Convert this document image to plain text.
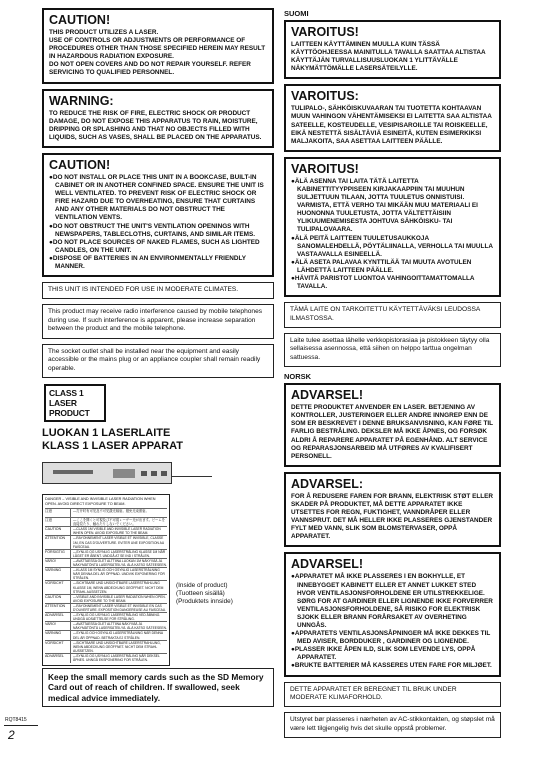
CAUTION!
THIS PRODUCT UTILIZES A LASER.
USE OF CONTROLS OR ADJUSTMENTS OR PERFORMANCE OF PROCEDURES OTHER THAN THOSE SPECIFIED HEREIN MAY RESULT IN HAZARDOUS RADIATION EXPOSURE.
DO NOT OPEN COVERS AND DO NOT REPAIR YOURSELF. REFER SERVICING TO QUALIFIED PERSONNEL.
WARNING:
TO REDUCE THE RISK OF FIRE, ELECTRIC SHOCK OR PRODUCT DAMAGE, DO NOT EXPOSE THIS APPARATUS TO RAIN, MOISTURE, DRIPPING OR SPLASHING AND THAT NO OBJECTS FILLED WITH LIQUIDS, SUCH AS VASES, SHALL BE PLACED ON THE APPARATUS.
CAUTION!
●DO NOT INSTALL OR PLACE THIS UNIT IN A BOOKCASE, BUILT-IN CABINET OR IN ANOTHER CONFINED SPACE. ENSURE THE UNIT IS WELL VENTILATED. TO PREVENT RISK OF ELECTRIC SHOCK OR FIRE HAZARD DUE TO OVERHEATING, ENSURE THAT CURTAINS AND ANY OTHER MATERIALS DO NOT OBSTRUCT THE VENTILATION VENTS.
●DO NOT OBSTRUCT THE UNIT'S VENTILATION OPENINGS WITH NEWSPAPERS, TABLECLOTHS, CURTAINS, AND SIMILAR ITEMS.
●DO NOT PLACE SOURCES OF NAKED FLAMES, SUCH AS LIGHTED CANDLES, ON THE UNIT.
●DISPOSE OF BATTERIES IN AN ENVIRONMENTALLY FRIENDLY MANNER.
THIS UNIT IS INTENDED FOR USE IN MODERATE CLIMATES.
This product may receive radio interference caused by mobile telephones during use. If such interference is apparent, please increase separation between the product and the mobile telephone.
The socket outlet shall be installed near the equipment and easily accessible or the mains plug or an appliance coupler shall remain readily operable.
CLASS 1
LASER PRODUCT
LUOKAN 1 LASERLAITE
KLASS 1 LASER APPARAT
DANGER – VISIBLE AND INVISIBLE LASER RADIATION WHEN OPEN. AVOID DIRECT EXPOSURE TO BEAM.
注意	—打开时有可见及不可见激光辐射。避免光束照射。
注意	—ここを開くと可視及び不可視レーザー光が出ます。ビームを直接見たり、触れたりしないでください。
CAUTION	—CLASS 1M VISIBLE AND INVISIBLE LASER RADIATION WHEN OPEN. AVOID EXPOSURE TO THE BEAM.
ATTENTION	—RAYONNEMENT LASER VISIBLE ET INVISIBLE, CLASSE 1M, EN CAS D'OUVERTURE. EVITER UNE EXPOSITION AU FAISCEAU.
FORSIGTIG	—SYNLIG OG USYNLIG LASERSTRÅLING KLASSE 1M NÅR LÅGET ER ÅBENT. UNDGÅ AT SE IND I STRÅLEN.
VARO!	—AVATTAESSA OLET ALTTIINA LUOKAN 1M NÄKYVÄÄ JA NÄKYMÄTÖNTÄ LASERSÄTEILYÄ. ÄLÄ KATSO SÄTEESEEN.
VARNING	—KLASS 1M SYNLIG OCH OSYNLIG LASERSTRÅLNING NÄR DENNA DEL ÄR ÖPPNAD. UNDVIK EXPONERING FÖR STRÅLEN.
VORSICHT	—SICHTBARE UND UNSICHTBARE LASERSTRAHLUNG KLASSE 1M, WENN ABDECKUNG GEÖFFNET. NICHT DEM STRAHL AUSSETZEN.
CAUTION	—VISIBLE AND INVISIBLE LASER RADIATION WHEN OPEN. AVOID EXPOSURE TO THE BEAM.
ATTENTION	—RAYONNEMENT LASER VISIBLE ET INVISIBLE EN CAS D'OUVERTURE. EXPOSITION DANGEREUSE AU FAISCEAU.
ADVARSEL	—SYNLIG OG USYNLIG LASERSTRÅLING VED ÅBNING. UNDGÅ UDSÆTTELSE FOR STRÅLING.
VARO!	—AVATTAESSA OLET ALTTIINA NÄKYVÄÄ JA NÄKYMÄTÖNTÄ LASERSÄTEILYÄ. ÄLÄ KATSO SÄTEESEEN.
VARNING	—SYNLIG OCH OSYNLIG LASERSTRÅLNING NÄR DENNA DEL ÄR ÖPPNAD. BETRAKTA EJ STRÅLEN.
VORSICHT	—SICHTBARE UND UNSICHTBARE LASERSTRAHLUNG, WENN ABDECKUNG GEÖFFNET. NICHT DEM STRAHL AUSSETZEN.
ADVARSEL	—SYNLIG OG USYNLIG LASERSTRÅLING NÅR DEKSEL ÅPNES. UNNGÅ EKSPONERING FOR STRÅLEN.
(Inside of product)
(Tuotteen sisällä)
(Produktets innside)
Keep the small memory cards such as the SD Memory Card out of reach of children. If swallowed, seek medical advice immediately.
RQT8415
2
SUOMI
VAROITUS!
LAITTEEN KÄYTTÄMINEN MUULLA KUIN TÄSSÄ KÄYTTÖOHJEESSA MAINITULLA TAVALLA SAATTAA ALTISTAA KÄYTTÄJÄN TURVALLISUUSLUOKAN 1 YLITTÄVÄLLE NÄKYMÄTTÖMÄLLE LASERSÄTEILYLLE.
VAROITUS:
TULIPALO-, SÄHKÖISKUVAARAN TAI TUOTETTA KOHTAAVAN MUUN VAHINGON VÄHENTÄMISEKSI EI LAITETTA SAA ALTISTAA SATEELLE, KOSTEUDELLE, VESIPISAROILLE TAI ROISKEELLE, EIKÄ NESTETTÄ SISÄLTÄVIÄ ESINEITÄ, KUTEN ESIMERKIKSI MALJAKOITA, SAA ASETTAA LAITTEEN PÄÄLLE.
VAROITUS!
●ÄLÄ ASENNA TAI LAITA TÄTÄ LAITETTA KABINETTITYYPPISEEN KIRJAKAAPPIIN TAI MUUHUN SULJETTUUN TILAAN, JOTTA TUULETUS ONNISTUISI. VARMISTA, ETTÄ VERHO TAI MIKÄÄN MUU MATERIAALI EI HUONONNA TUULETUSTA, JOTTA VÄLTETTÄISIIN YLIKUUMENEMISESTA JOHTUVA SÄHKÖISKU- TAI TULIPALOVAARA.
●ÄLÄ PEITÄ LAITTEEN TUULETUSAUKKOJA SANOMALEHDELLÄ, PÖYTÄLIINALLA, VERHOLLA TAI MUULLA VASTAAVALLA ESINEELLÄ.
●ÄLÄ ASETA PALAVAA KYNTTILÄÄ TAI MUUTA AVOTULEN LÄHDETTÄ LAITTEEN PÄÄLLE.
●HÄVITÄ PARISTOT LUONTOA VAHINGOITTAMATTOMALLA TAVALLA.
TÄMÄ LAITE ON TARKOITETTU KÄYTETTÄVÄKSI LEUDOSSA ILMASTOSSA.
Laite tulee asettaa lähelle verkkopistorasiaa ja pistokkeen täytyy olla sellaisessa asennossa, että siihen on helppo tarttua ongelman sattuessa.
NORSK
ADVARSEL!
DETTE PRODUKTET ANVENDER EN LASER. BETJENING AV KONTROLLER, JUSTERINGER ELLER ANDRE INNGREP ENN DE SOM ER BESKREVET I DENNE BRUKSANVISNING, KAN FØRE TIL FARLIG BESTRÅLING. DEKSLER MÅ IKKE ÅPNES, OG FORSØK ALDRI Å REPARERE APPARATET PÅ EGENHÅND. ALT SERVICE OG REPARASJONSARBEID MÅ UTFØRES AV KVALIFISERT PERSONELL.
ADVARSEL:
FOR Å REDUSERE FAREN FOR BRANN, ELEKTRISK STØT ELLER SKADER PÅ PRODUKTET, MÅ DETTE APPARATET IKKE UTSETTES FOR REGN, FUKTIGHET, VANNDRÅPER ELLER VANNSPRUT. DET MÅ HELLER IKKE PLASSERES GJENSTANDER FYLT MED VANN, SLIK SOM BLOMSTERVASER, OPPÅ APPARATET.
ADVARSEL!
●APPARATET MÅ IKKE PLASSERES I EN BOKHYLLE, ET INNEBYGGET KABINETT ELLER ET ANNET LUKKET STED HVOR VENTILASJONSFORHOLDENE ER UTILSTREKKELIGE. SØRG FOR AT GARDINER ELLER LIGNENDE IKKE FORVERRER VENTILASJONSFORHOLDENE, SÅ RISIKO FOR ELEKTRISK SJOKK ELLER BRANN FORÅRSAKET AV OVERHETING UNNGÅS.
●APPARATETS VENTILASJONSÅPNINGER MÅ IKKE DEKKES TIL MED AVISER, BORDDUKER , GARDINER OG LIGNENDE.
●PLASSER IKKE ÅPEN ILD, SLIK SOM LEVENDE LYS, OPPÅ APPARATET.
●BRUKTE BATTERIER MÅ KASSERES UTEN FARE FOR MILJØET.
DETTE APPARATET ER BEREGNET TIL BRUK UNDER MODERATE KLIMAFORHOLD.
Utstyret bør plasseres i nærheten av AC-stikkontakten, og støpslet må være lett tilgjengelig hvis det skulle oppstå problemer.
